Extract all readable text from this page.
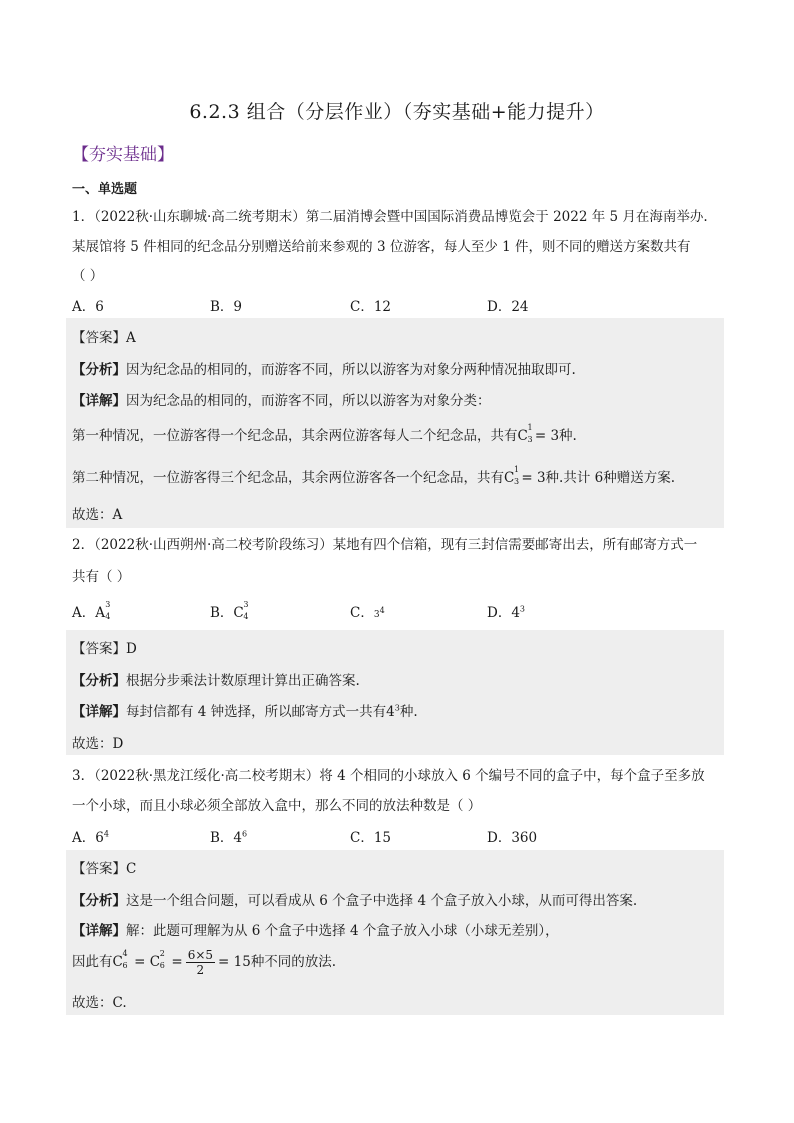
6.2.3 组合（分层作业）（夯实基础+能力提升）
【夯实基础】
一、单选题
1．（2022秋·山东聊城·高二统考期末）第二届消博会暨中国国际消费品博览会于 2022 年 5 月在海南举办.
某展馆将 5 件相同的纪念品分别赠送给前来参观的 3 位游客，每人至少 1 件，则不同的赠送方案数共有
（ ）
A．6	B．9	C．12	D．24
【答案】A
【分析】因为纪念品的相同的，而游客不同，所以以游客为对象分两种情况抽取即可.
【详解】因为纪念品的相同的，而游客不同，所以以游客为对象分类：
第一种情况，一位游客得一个纪念品，其余两位游客每人二个纪念品，共有C
1
3 = 3种.
第二种情况，一位游客得三个纪念品，其余两位游客各一个纪念品，共有C
1
3 = 3种.共计 6种赠送方案.
故选：A
2．（2022秋·山西朔州·高二校考阶段练习）某地有四个信箱，现有三封信需要邮寄出去，所有邮寄方式一
共有（ ）
A．A
3
4	B．C
3
4	C．$3^4$	D．$4^3$
【答案】D
【分析】根据分步乘法计数原理计算出正确答案.
【详解】每封信都有 4 钟选择，所以邮寄方式一共有$4^3$种.
故选：D
3．（2022秋·黑龙江绥化·高二校考期末）将 4 个相同的小球放入 6 个编号不同的盒子中，每个盒子至多放
一个小球，而且小球必须全部放入盒中，那么不同的放法种数是（ ）
A．$6^4$	B．$4^6$	C．15	D．360
【答案】C
【分析】这是一个组合问题，可以看成从 6 个盒子中选择 4 个盒子放入小球，从而可得出答案.
【详解】解：此题可理解为从 6 个盒子中选择 4 个盒子放入小球（小球无差别），
因此有C
4
6 = C
2
$6 = \frac{6\times 5}{2} = 15$种不同的放法.
故选：C.
